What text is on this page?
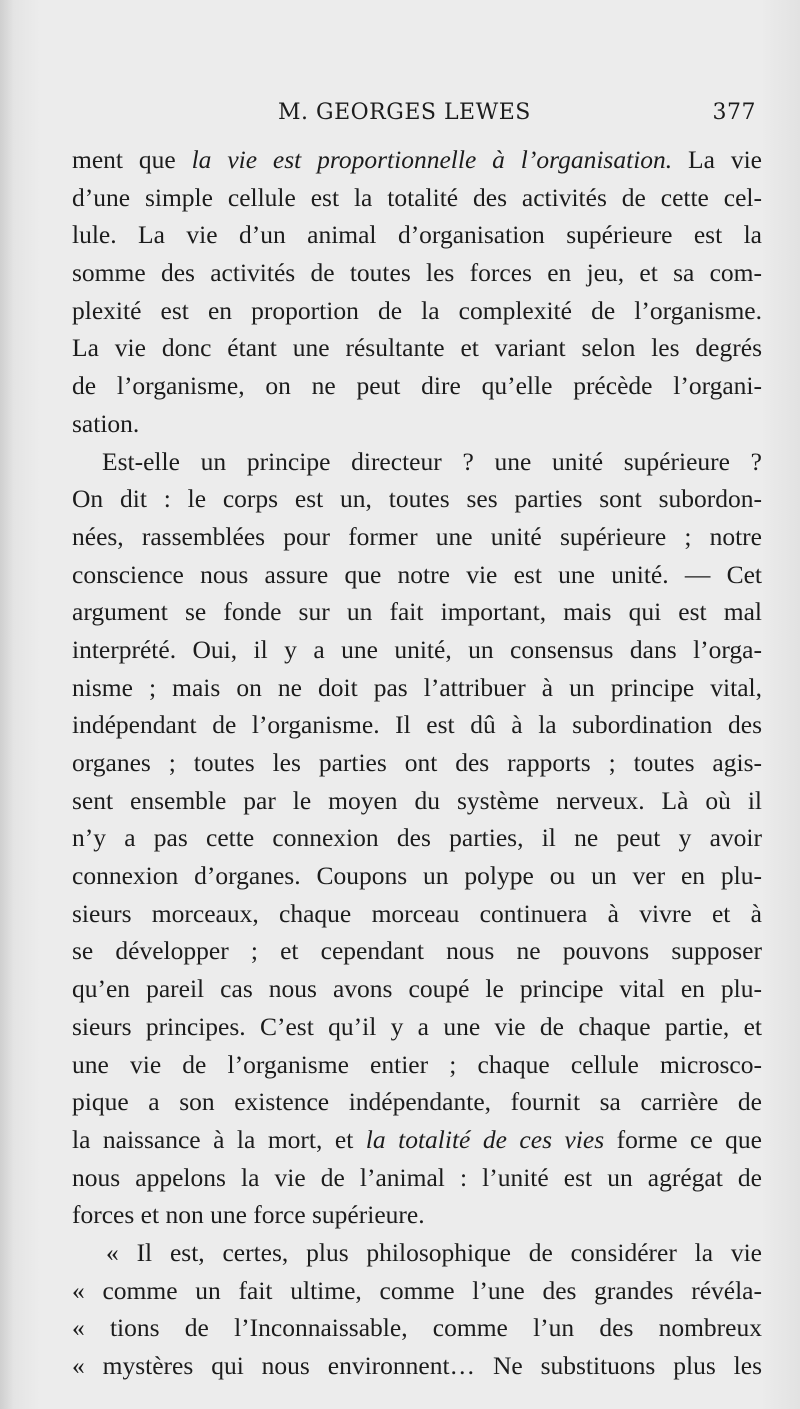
M. GEORGES LEWES	377
ment que la vie est proportionnelle à l’organisation. La vie
d’une simple cellule est la totalité des activités de cette cel-
lule. La vie d’un animal d’organisation supérieure est la
somme des activités de toutes les forces en jeu, et sa com-
plexité est en proportion de la complexité de l’organisme.
La vie donc étant une résultante et variant selon les degrés
de l’organisme, on ne peut dire qu’elle précède l’organi-
sation.
Est-elle un principe directeur ? une unité supérieure ?
On dit : le corps est un, toutes ses parties sont subordon-
nées, rassemblées pour former une unité supérieure ; notre
conscience nous assure que notre vie est une unité. — Cet
argument se fonde sur un fait important, mais qui est mal
interprété. Oui, il y a une unité, un consensus dans l’orga-
nisme ; mais on ne doit pas l’attribuer à un principe vital,
indépendant de l’organisme. Il est dû à la subordination des
organes ; toutes les parties ont des rapports ; toutes agis-
sent ensemble par le moyen du système nerveux. Là où il
n’y a pas cette connexion des parties, il ne peut y avoir
connexion d’organes. Coupons un polype ou un ver en plu-
sieurs morceaux, chaque morceau continuera à vivre et à
se développer ; et cependant nous ne pouvons supposer
qu’en pareil cas nous avons coupé le principe vital en plu-
sieurs principes. C’est qu’il y a une vie de chaque partie, et
une vie de l’organisme entier ; chaque cellule microsco-
pique a son existence indépendante, fournit sa carrière de
la naissance à la mort, et la totalité de ces vies forme ce que
nous appelons la vie de l’animal : l’unité est un agrégat de
forces et non une force supérieure.
« Il est, certes, plus philosophique de considérer la vie
« comme un fait ultime, comme l’une des grandes révéla-
« tions de l’Inconnaissable, comme l’un des nombreux
« mystères qui nous environnent… Ne substituons plus les
